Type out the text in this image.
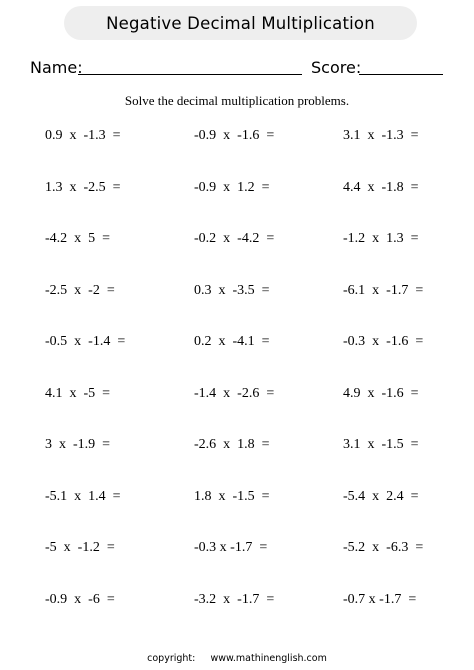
Negative Decimal Multiplication
Name:	Score:
Solve the decimal multiplication problems.
0.9  x  -1.3  =	-0.9  x  -1.6  =	3.1  x  -1.3  =
1.3  x  -2.5  =	-0.9  x  1.2  =	4.4  x  -1.8  =
-4.2  x  5  =	-0.2  x  -4.2  =	-1.2  x  1.3  =
-2.5  x  -2  =	0.3  x  -3.5  =	-6.1  x  -1.7  =
-0.5  x  -1.4  =	0.2  x  -4.1  =	-0.3  x  -1.6  =
4.1  x  -5  =	-1.4  x  -2.6  =	4.9  x  -1.6  =
3  x  -1.9  =	-2.6  x  1.8  =	3.1  x  -1.5  =
-5.1  x  1.4  =	1.8  x  -1.5  =	-5.4  x  2.4  =
-5  x  -1.2  =	-0.3 x -1.7  =	-5.2  x  -6.3  =
-0.9  x  -6  =	-3.2  x  -1.7  =	-0.7 x -1.7  =
copyright:     www.mathinenglish.com
